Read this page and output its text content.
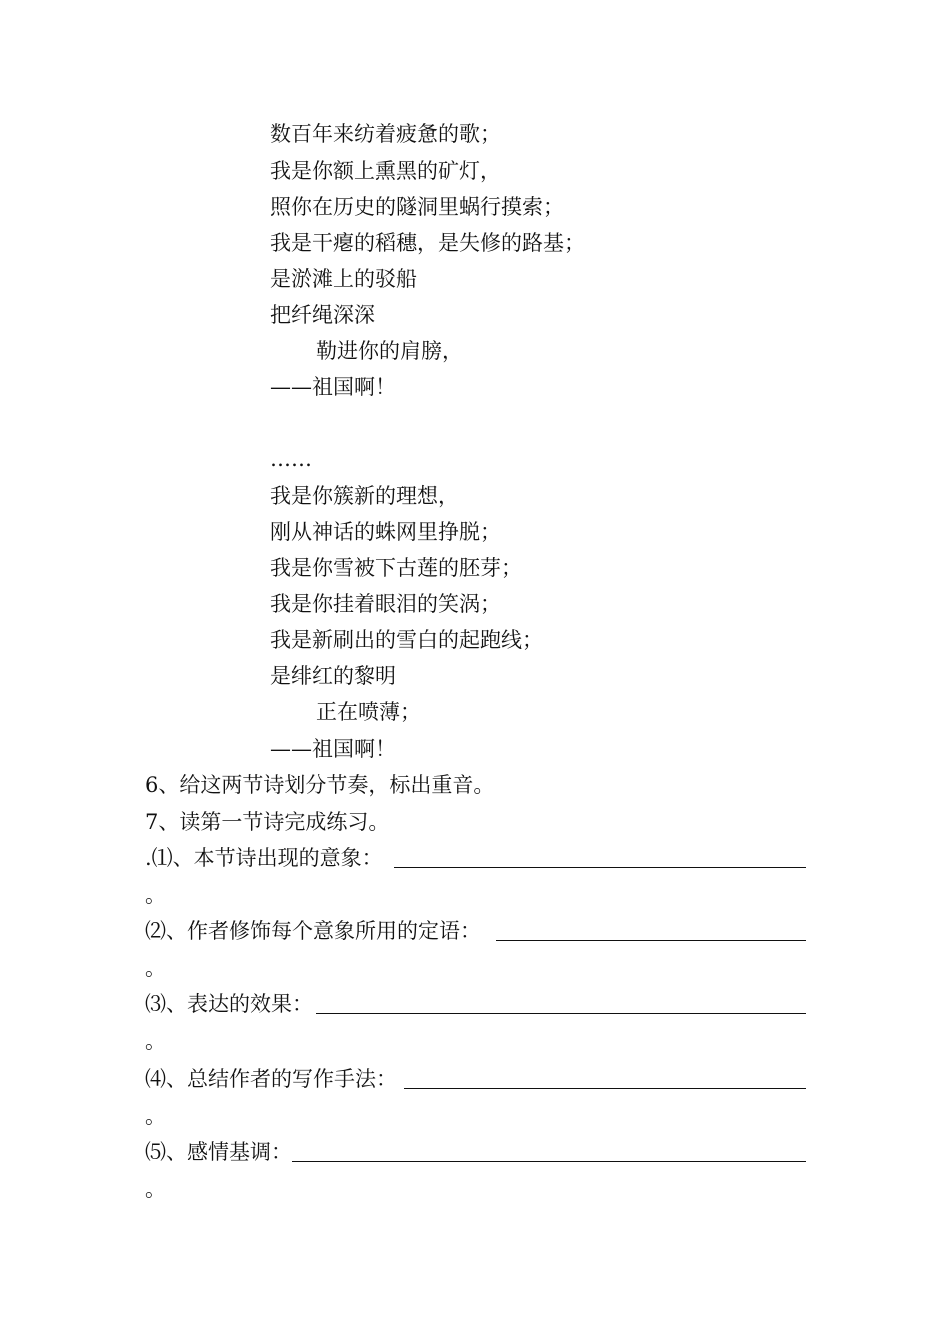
数百年来纺着疲惫的歌；
我是你额上熏黑的矿灯，
照你在历史的隧洞里蜗行摸索；
我是干瘪的稻穗，是失修的路基；
是淤滩上的驳船
把纤绳深深
勒进你的肩膀，
——祖国啊！
……
我是你簇新的理想，
刚从神话的蛛网里挣脱；
我是你雪被下古莲的胚芽；
我是你挂着眼泪的笑涡；
我是新刷出的雪白的起跑线；
是绯红的黎明
正在喷薄；
——祖国啊！
6、给这两节诗划分节奏，标出重音。
7、读第一节诗完成练习。
.⑴、本节诗出现的意象：
。
⑵、作者修饰每个意象所用的定语：
。
⑶、表达的效果：
。
⑷、总结作者的写作手法：
。
⑸、感情基调：
。
